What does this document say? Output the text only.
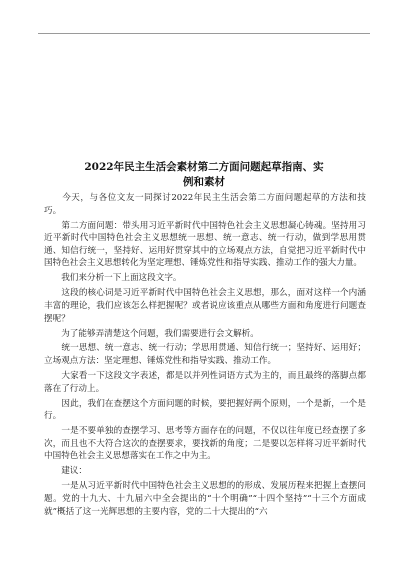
2022年民主生活会素材第二方面问题起草指南、实
例和素材

　　今天，与各位文友一同探讨2022年民主生活会第二方面问题起草的方法和技巧。

　　第二方面问题：带头用习近平新时代中国特色社会主义思想凝心铸魂。坚持用习近平新时代中国特色社会主义思想统一思想、统一意志、统一行动，做到学思用贯通、知信行统一，坚持好、运用好贯穿其中的立场观点方法，自觉把习近平新时代中国特色社会主义思想转化为坚定理想、锤炼党性和指导实践、推动工作的强大力量。

　　我们来分析一下上面这段文字。

　　这段的核心词是习近平新时代中国特色社会主义思想，那么，面对这样一个内涵丰富的理论，我们应该怎么样把握呢？或者说应该重点从哪些方面和角度进行问题查摆呢？

　　为了能够弄清楚这个问题，我们需要进行会文解析。

　　统一思想、统一意志、统一行动；学思用贯通、知信行统一；坚持好、运用好；立场观点方法：坚定理想、锤炼党性和指导实践、推动工作。

　　大家看一下这段文字表述，都是以并列性词语方式为主的，而且最终的落脚点都落在了行动上。

　　因此，我们在查摆这个方面问题的时候，要把握好两个原则，一个是新，一个是行。

　　一是不要单独的查摆学习、思考等方面存在的问题，不仅以往年度已经查摆了多次，而且也不大符合这次的查摆要求，要找新的角度；二是要以怎样将习近平新时代中国特色社会主义思想落实在工作之中为主。

　　建议：

　　一是从习近平新时代中国特色社会主义思想的的形成、发展历程来把握上查摆问题。党的十九大、十九届六中全会提出的“十个明确”“十四个坚持”“十三个方面成就”概括了这一光辉思想的主要内容，党的二十大提出的“六
